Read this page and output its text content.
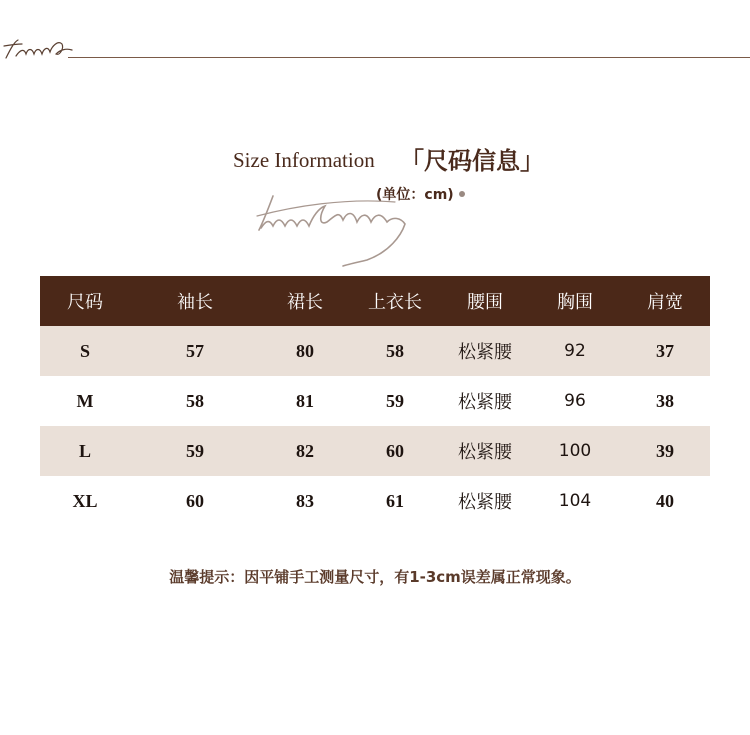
Size Information 「尺码信息」
(单位：cm)
尺码	袖长	裙长	上衣长	腰围	胸围	肩宽
S	57	80	58	松紧腰	92	37
M	58	81	59	松紧腰	96	38
L	59	82	60	松紧腰	100	39
XL	60	83	61	松紧腰	104	40
温馨提示：因平铺手工测量尺寸，有1-3cm误差属正常现象。
